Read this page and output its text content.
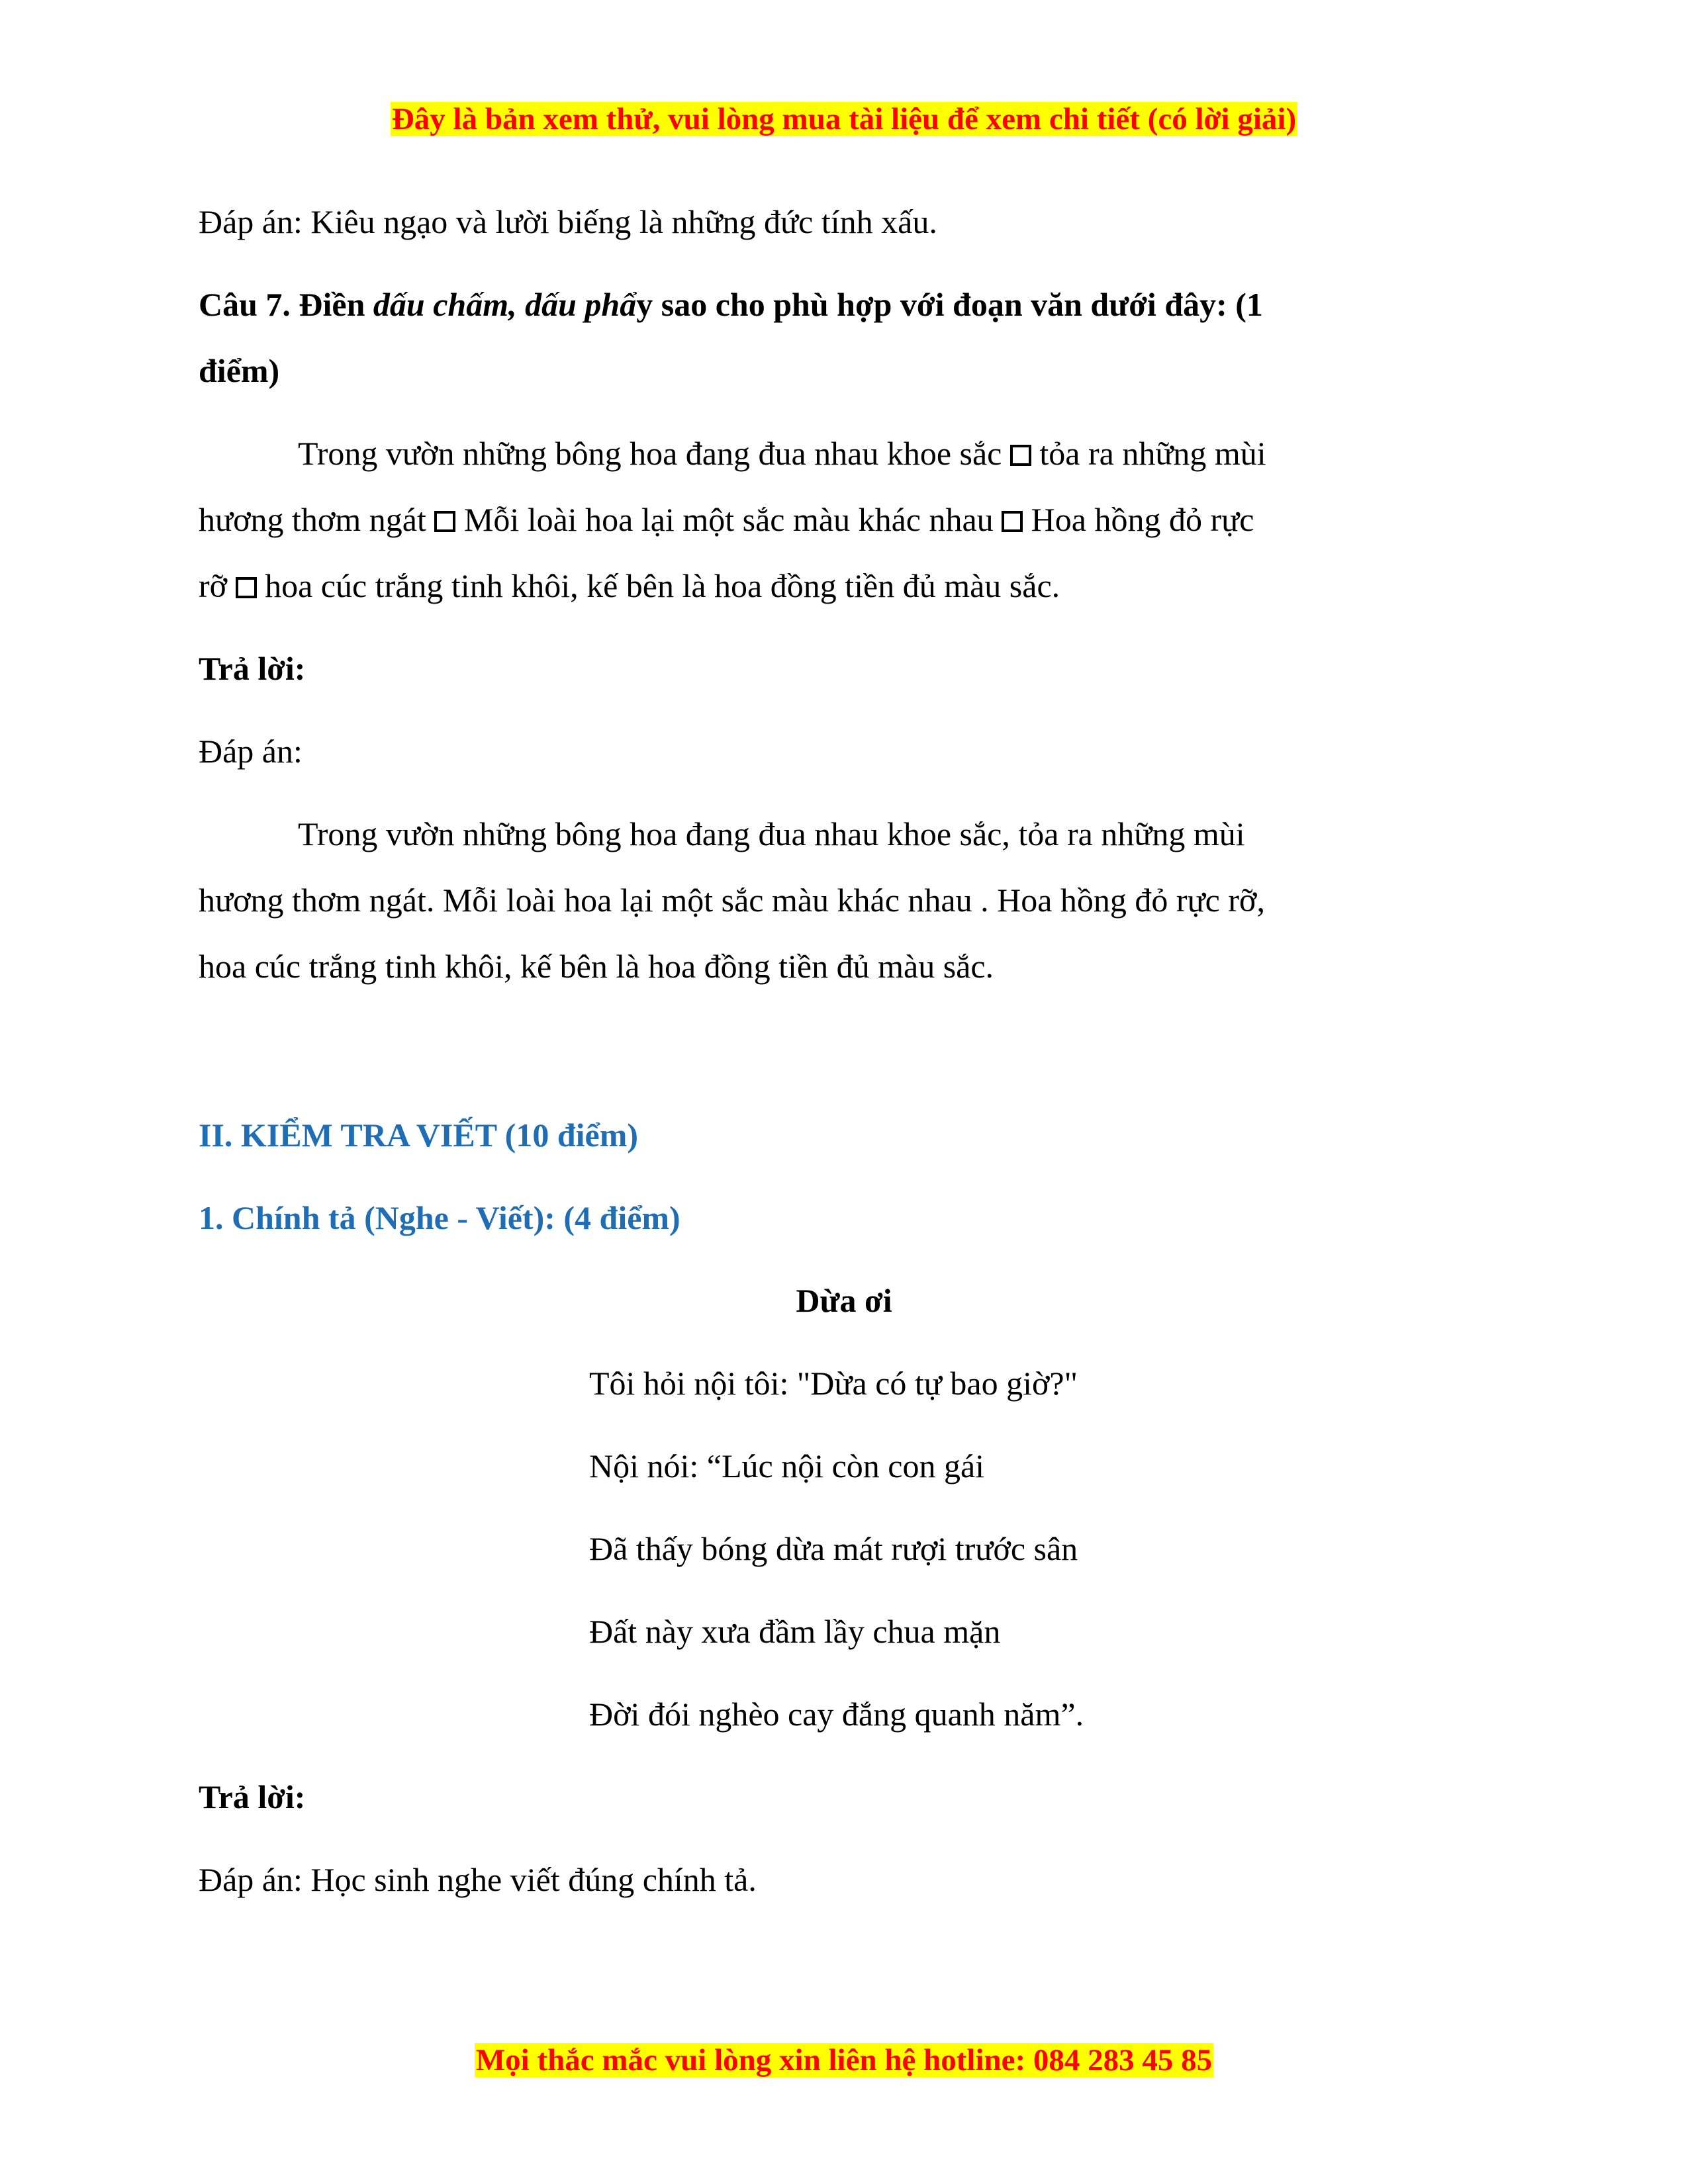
Đây là bản xem thử, vui lòng mua tài liệu để xem chi tiết (có lời giải)

Đáp án: Kiêu ngạo và lười biếng là những đức tính xấu.

Câu 7. Điền dấu chấm, dấu phẩy sao cho phù hợp với đoạn văn dưới đây: (1

điểm)

Trong vườn những bông hoa đang đua nhau khoe sắc  tỏa ra những mùi

hương thơm ngát  Mỗi loài hoa lại một sắc màu khác nhau  Hoa hồng đỏ rực

rỡ  hoa cúc trắng tinh khôi, kế bên là hoa đồng tiền đủ màu sắc.

Trả lời:

Đáp án:

Trong vườn những bông hoa đang đua nhau khoe sắc, tỏa ra những mùi

hương thơm ngát. Mỗi loài hoa lại một sắc màu khác nhau . Hoa hồng đỏ rực rỡ,

hoa cúc trắng tinh khôi, kế bên là hoa đồng tiền đủ màu sắc.

II. KIỂM TRA VIẾT (10 điểm)

1. Chính tả (Nghe - Viết): (4 điểm)

Dừa ơi

Tôi hỏi nội tôi: "Dừa có tự bao giờ?"

Nội nói: “Lúc nội còn con gái

Đã thấy bóng dừa mát rượi trước sân

Đất này xưa đầm lầy chua mặn

Đời đói nghèo cay đắng quanh năm”.

Trả lời:

Đáp án: Học sinh nghe viết đúng chính tả.

Mọi thắc mắc vui lòng xin liên hệ hotline: 084 283 45 85
